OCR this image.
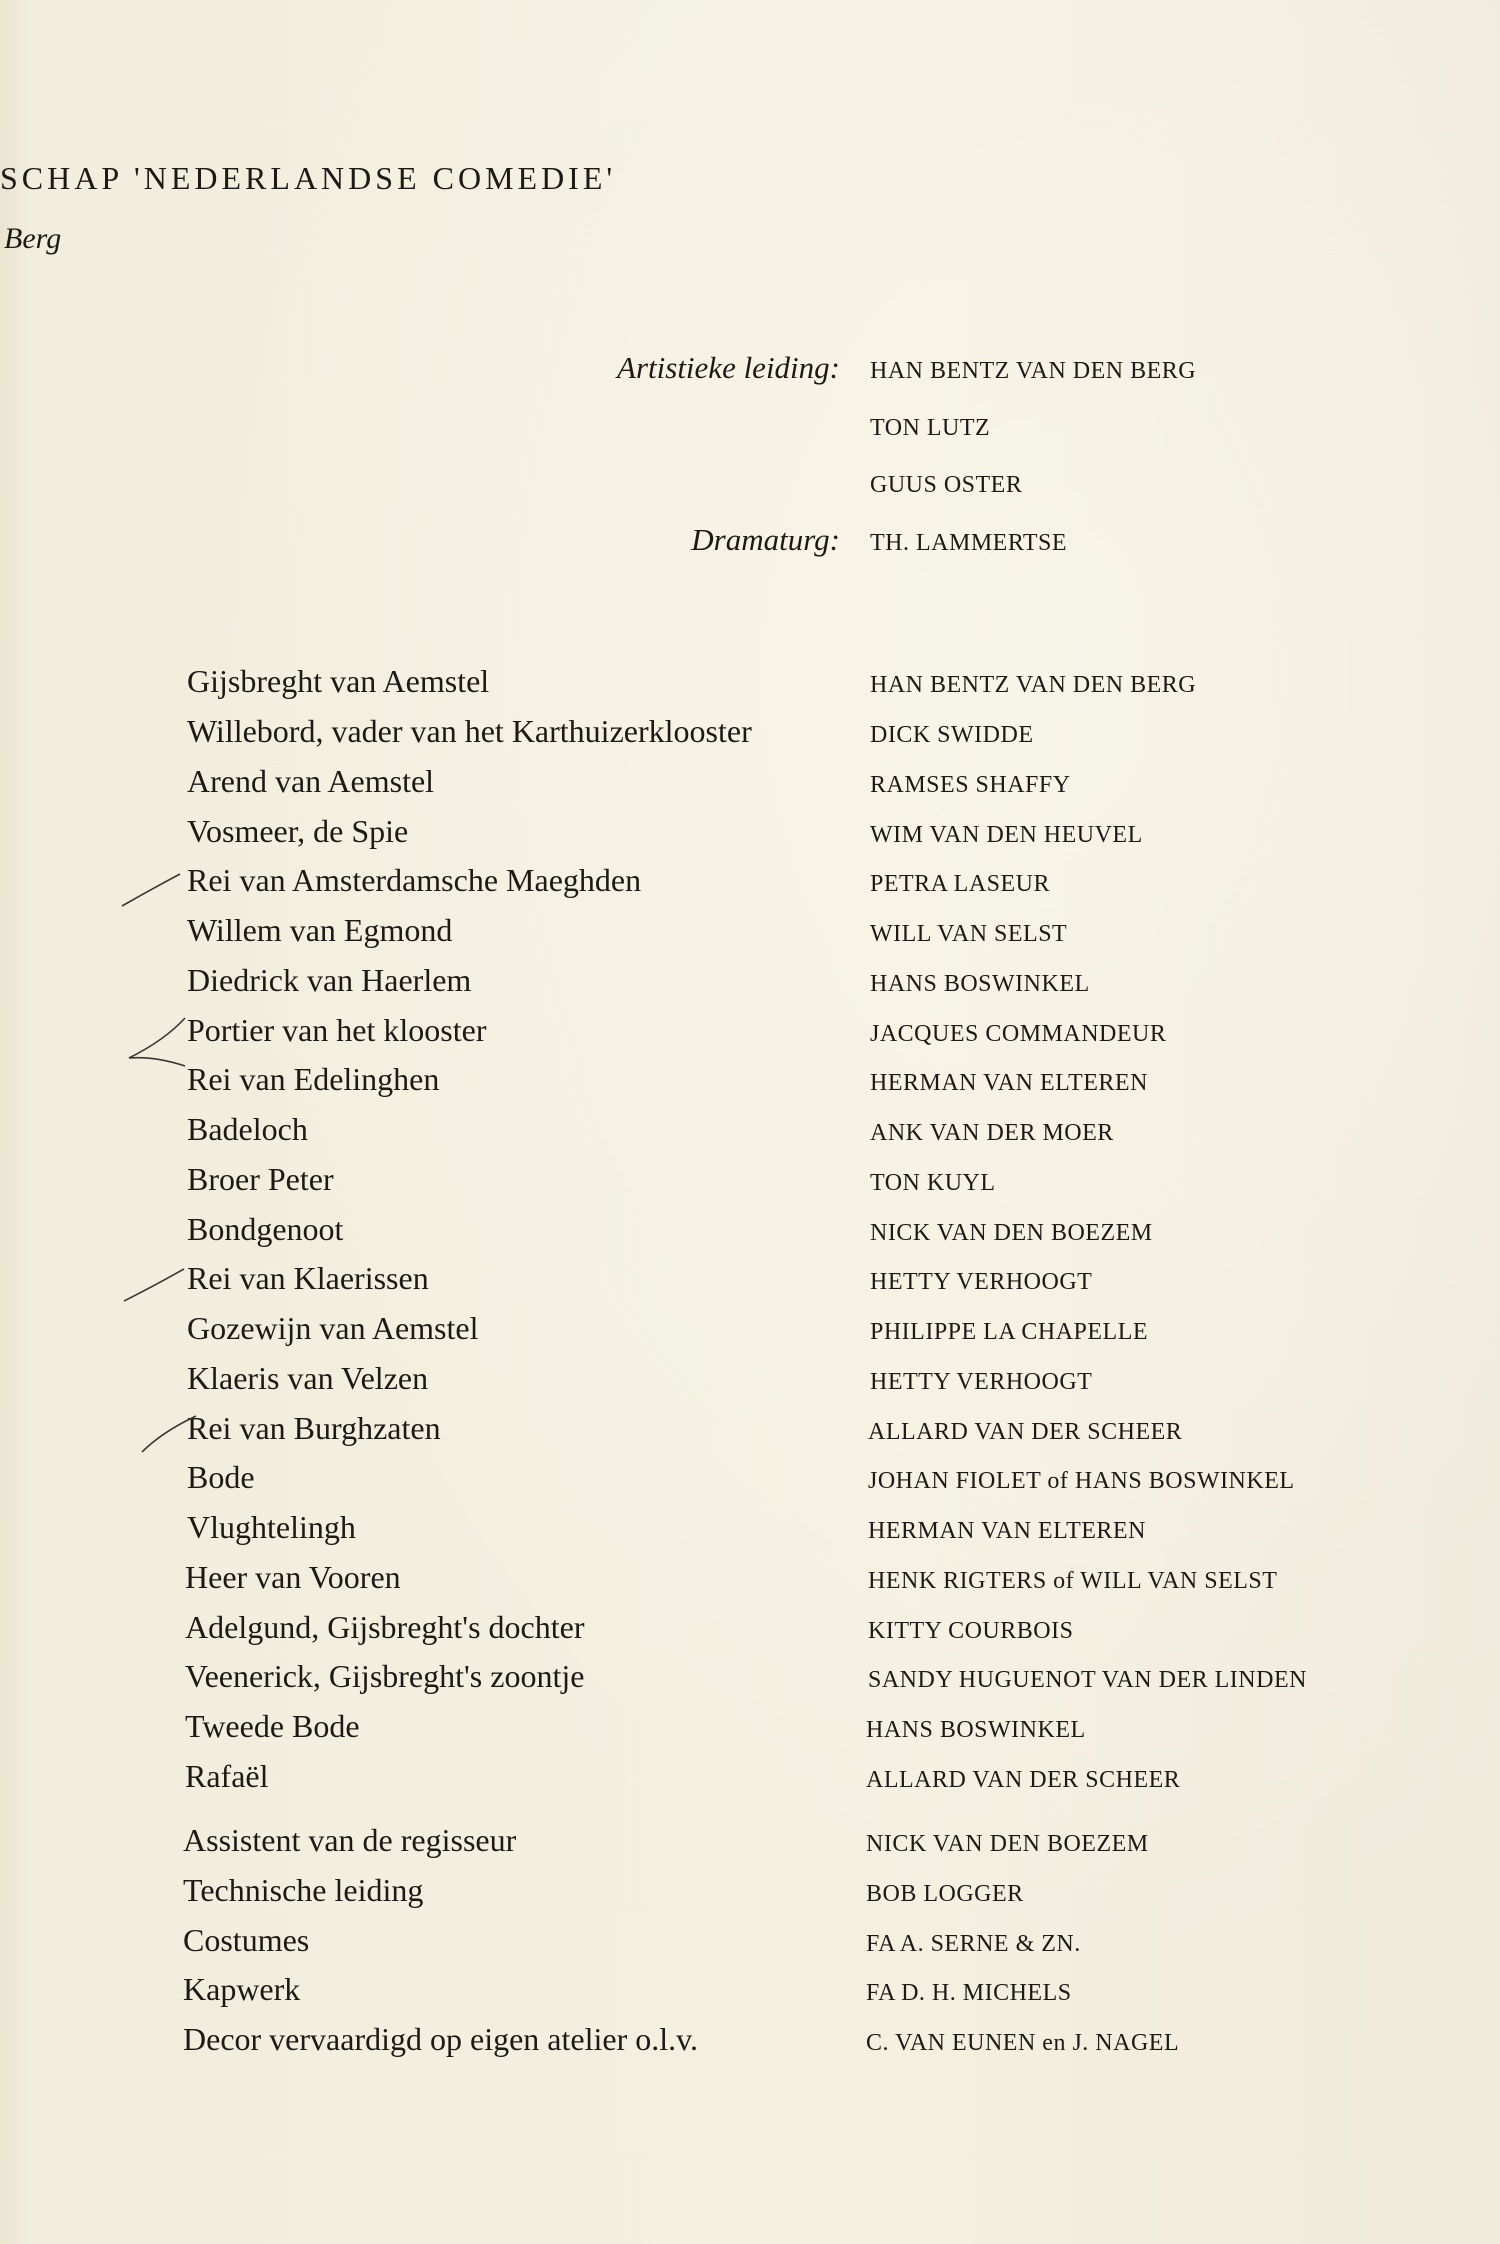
SCHAP 'NEDERLANDSE COMEDIE'
Berg
Artistieke leiding: HAN BENTZ VAN DEN BERG
TON LUTZ
GUUS OSTER
Dramaturg: TH. LAMMERTSE
Gijsbreght van Aemstel	HAN BENTZ VAN DEN BERG
Willebord, vader van het Karthuizerklooster	DICK SWIDDE
Arend van Aemstel	RAMSES SHAFFY
Vosmeer, de Spie	WIM VAN DEN HEUVEL
Rei van Amsterdamsche Maeghden	PETRA LASEUR
Willem van Egmond	WILL VAN SELST
Diedrick van Haerlem	HANS BOSWINKEL
Portier van het klooster	JACQUES COMMANDEUR
Rei van Edelinghen	HERMAN VAN ELTEREN
Badeloch	ANK VAN DER MOER
Broer Peter	TON KUYL
Bondgenoot	NICK VAN DEN BOEZEM
Rei van Klaerissen	HETTY VERHOOGT
Gozewijn van Aemstel	PHILIPPE LA CHAPELLE
Klaeris van Velzen	HETTY VERHOOGT
Rei van Burghzaten	ALLARD VAN DER SCHEER
Bode	JOHAN FIOLET of HANS BOSWINKEL
Vlughtelingh	HERMAN VAN ELTEREN
Heer van Vooren	HENK RIGTERS of WILL VAN SELST
Adelgund, Gijsbreght's dochter	KITTY COURBOIS
Veenerick, Gijsbreght's zoontje	SANDY HUGUENOT VAN DER LINDEN
Tweede Bode	HANS BOSWINKEL
Rafaël	ALLARD VAN DER SCHEER
Assistent van de regisseur	NICK VAN DEN BOEZEM
Technische leiding	BOB LOGGER
Costumes	FA A. SERNE & ZN.
Kapwerk	FA D. H. MICHELS
Decor vervaardigd op eigen atelier o.l.v.	C. VAN EUNEN en J. NAGEL
